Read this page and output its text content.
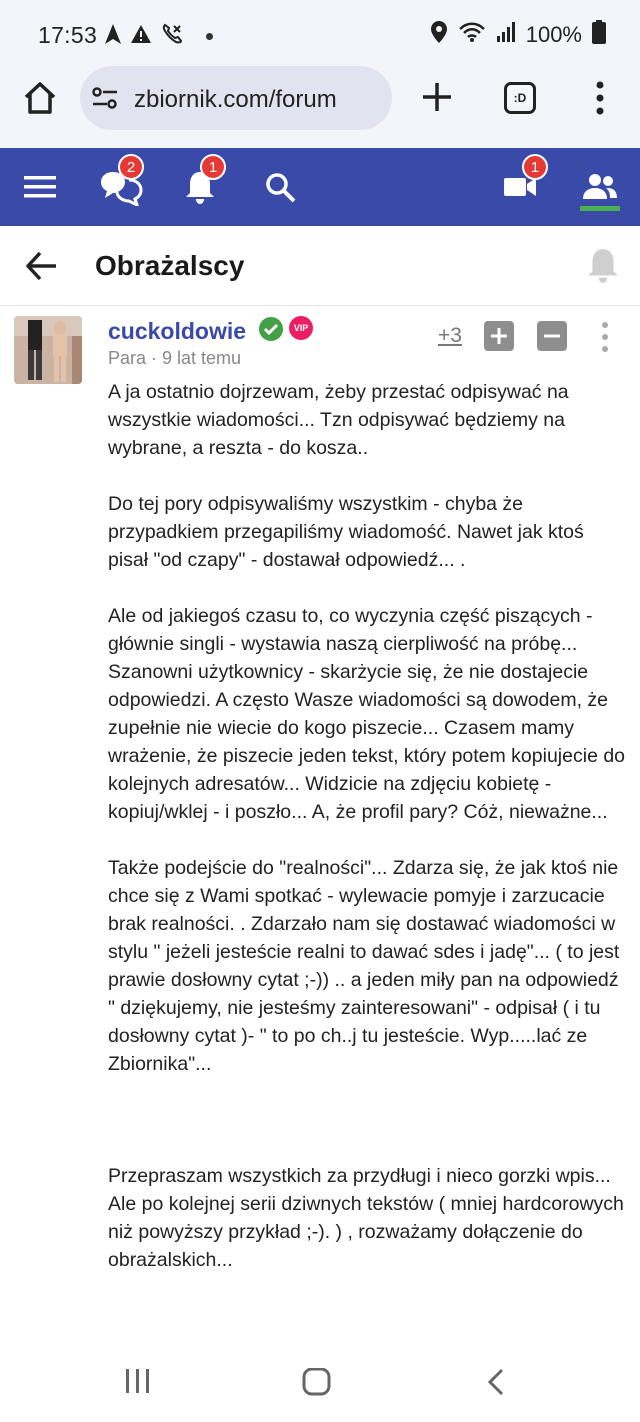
17:53	100%
zbiornik.com/forum	:D
2	1	1
Obrażalscy
cuckoldowie	VIP
Para · 9 lat temu
+3

A ja ostatnio dojrzewam, żeby przestać odpisywać na wszystkie wiadomości... Tzn odpisywać będziemy na wybrane, a reszta - do kosza..

Do tej pory odpisywaliśmy wszystkim - chyba że przypadkiem przegapiliśmy wiadomość. Nawet jak ktoś pisał "od czapy" - dostawał odpowiedź... .

Ale od jakiegoś czasu to, co wyczynia część piszących - głównie singli - wystawia naszą cierpliwość na próbę... Szanowni użytkownicy - skarżycie się, że nie dostajecie odpowiedzi. A często Wasze wiadomości są dowodem, że zupełnie nie wiecie do kogo piszecie... Czasem mamy wrażenie, że piszecie jeden tekst, który potem kopiujecie do kolejnych adresatów... Widzicie na zdjęciu kobietę - kopiuj/wklej - i poszło... A, że profil pary? Cóż, nieważne...

Także podejście do "realności"... Zdarza się, że jak ktoś nie chce się z Wami spotkać - wylewacie pomyje i zarzucacie brak realności. . Zdarzało nam się dostawać wiadomości w stylu " jeżeli jesteście realni to dawać sdes i jadę"... ( to jest prawie dosłowny cytat ;-)) .. a jeden miły pan na odpowiedź " dziękujemy, nie jesteśmy zainteresowani" - odpisał ( i tu dosłowny cytat )- " to po ch..j tu jesteście. Wyp.....lać ze Zbiornika"...

Przepraszam wszystkich za przydługi i nieco gorzki wpis... Ale po kolejnej serii dziwnych tekstów ( mniej hardcorowych niż powyższy przykład ;-). ) , rozważamy dołączenie do obrażalskich...
